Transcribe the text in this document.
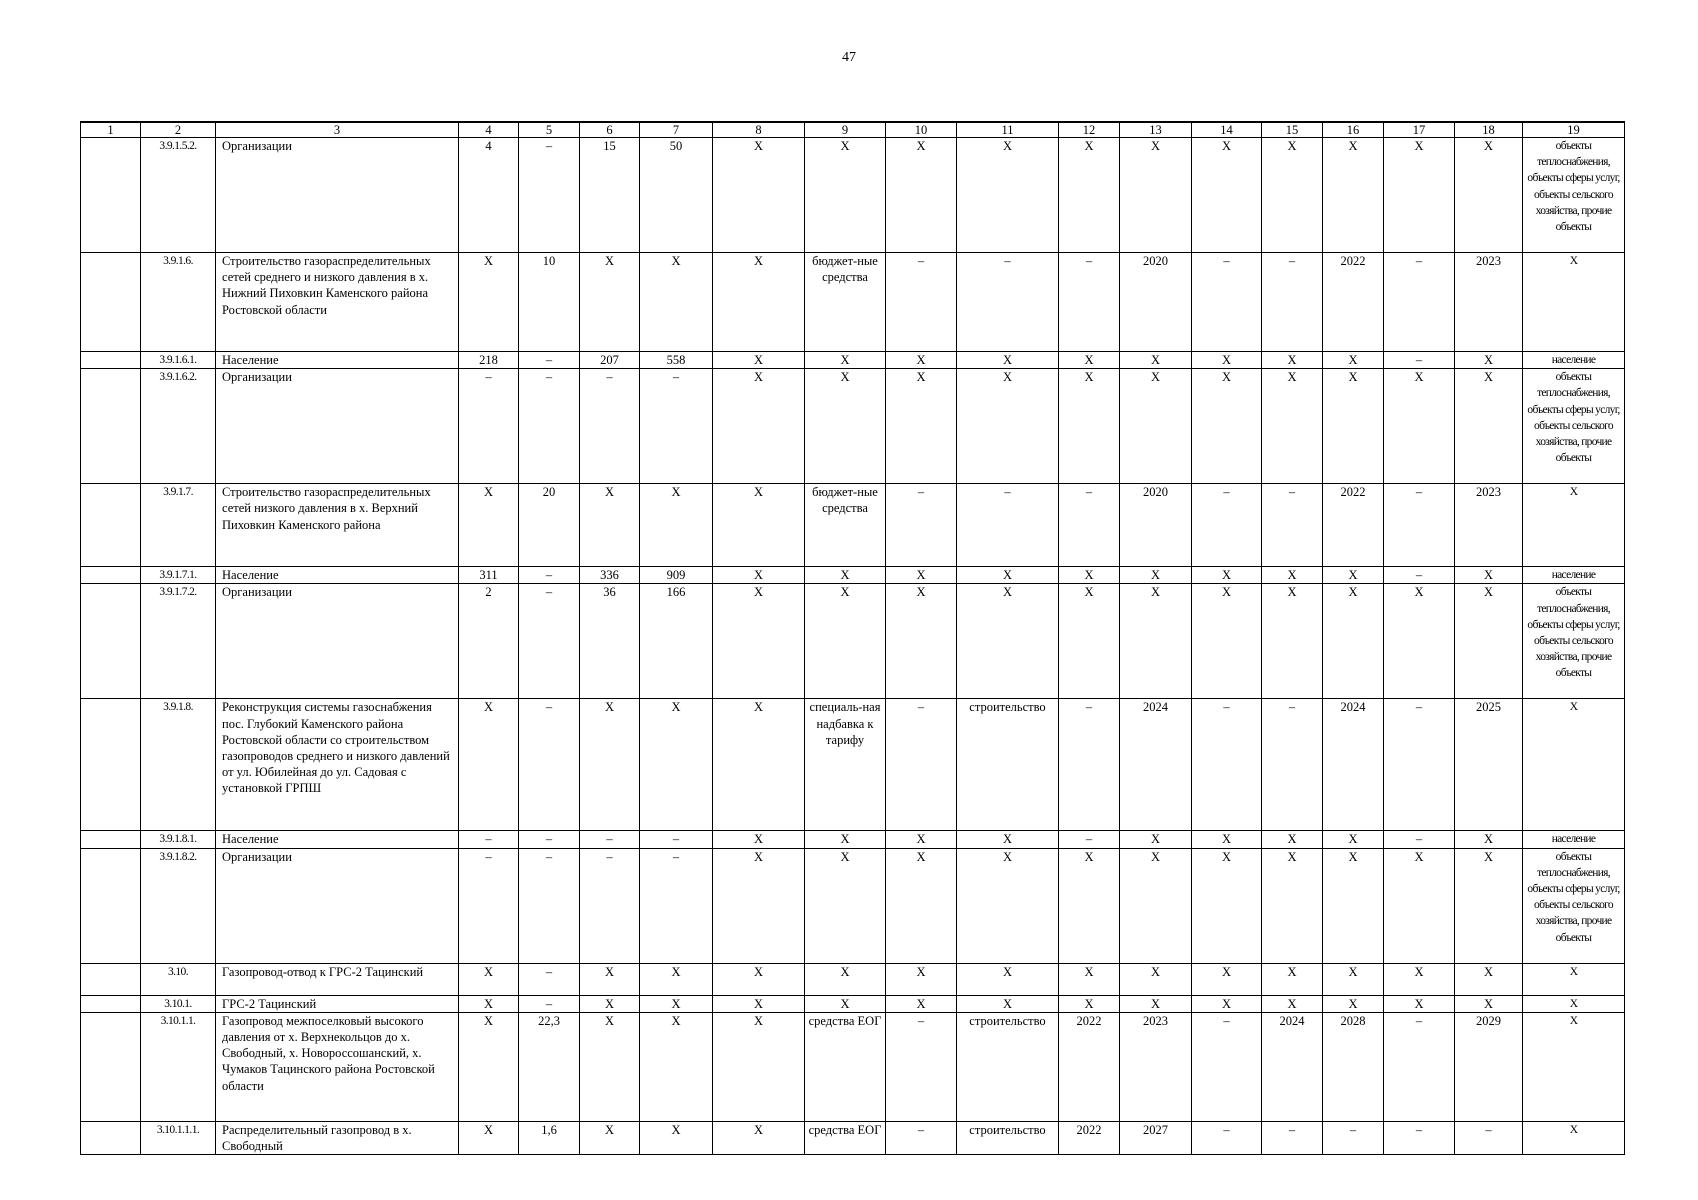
47
1	2	3	4	5	6	7	8	9	10	11	12	13	14	15	16	17	18	19
	3.9.1.5.2.	Организации	4	–	15	50	X	X	X	X	X	X	X	X	X	X	X	объекты теплоснабжения, объекты сферы услуг, объекты сельского хозяйства, прочие объекты
	3.9.1.6.	Строительство газораспределительных сетей среднего и низкого давления в х. Нижний Пиховкин Каменского района Ростовской области	X	10	X	X	X	бюджет-ные средства	–	–	–	2020	–	–	2022	–	2023	X
	3.9.1.6.1.	Население	218	–	207	558	X	X	X	X	X	X	X	X	X	–	X	население
	3.9.1.6.2.	Организации	–	–	–	–	X	X	X	X	X	X	X	X	X	X	X	объекты теплоснабжения, объекты сферы услуг, объекты сельского хозяйства, прочие объекты
	3.9.1.7.	Строительство газораспределительных сетей низкого давления в х. Верхний Пиховкин Каменского района	X	20	X	X	X	бюджет-ные средства	–	–	–	2020	–	–	2022	–	2023	X
	3.9.1.7.1.	Население	311	–	336	909	X	X	X	X	X	X	X	X	X	–	X	население
	3.9.1.7.2.	Организации	2	–	36	166	X	X	X	X	X	X	X	X	X	X	X	объекты теплоснабжения, объекты сферы услуг, объекты сельского хозяйства, прочие объекты
	3.9.1.8.	Реконструкция системы газоснабжения пос. Глубокий Каменского района Ростовской области со строительством газопроводов среднего и низкого давлений от ул. Юбилейная до ул. Садовая с установкой ГРПШ	X	–	X	X	X	специаль-ная надбавка к тарифу	–	строительство	–	2024	–	–	2024	–	2025	X
	3.9.1.8.1.	Население	–	–	–	–	X	X	X	X	–	X	X	X	X	–	X	население
	3.9.1.8.2.	Организации	–	–	–	–	X	X	X	X	X	X	X	X	X	X	X	объекты теплоснабжения, объекты сферы услуг, объекты сельского хозяйства, прочие объекты
	3.10.	Газопровод-отвод к ГРС-2 Тацинский	X	–	X	X	X	X	X	X	X	X	X	X	X	X	X	X
	3.10.1.	ГРС-2 Тацинский	X	–	X	X	X	X	X	X	X	X	X	X	X	X	X	X
	3.10.1.1.	Газопровод межпоселковый высокого давления от х. Верхнекольцов до х. Свободный, х. Новороссошанский, х. Чумаков Тацинского района Ростовской области	X	22,3	X	X	X	средства ЕОГ	–	строительство	2022	2023	–	2024	2028	–	2029	X
	3.10.1.1.1.	Распределительный газопровод в х. Свободный	X	1,6	X	X	X	средства ЕОГ	–	строительство	2022	2027	–	–	–	–	–	X
